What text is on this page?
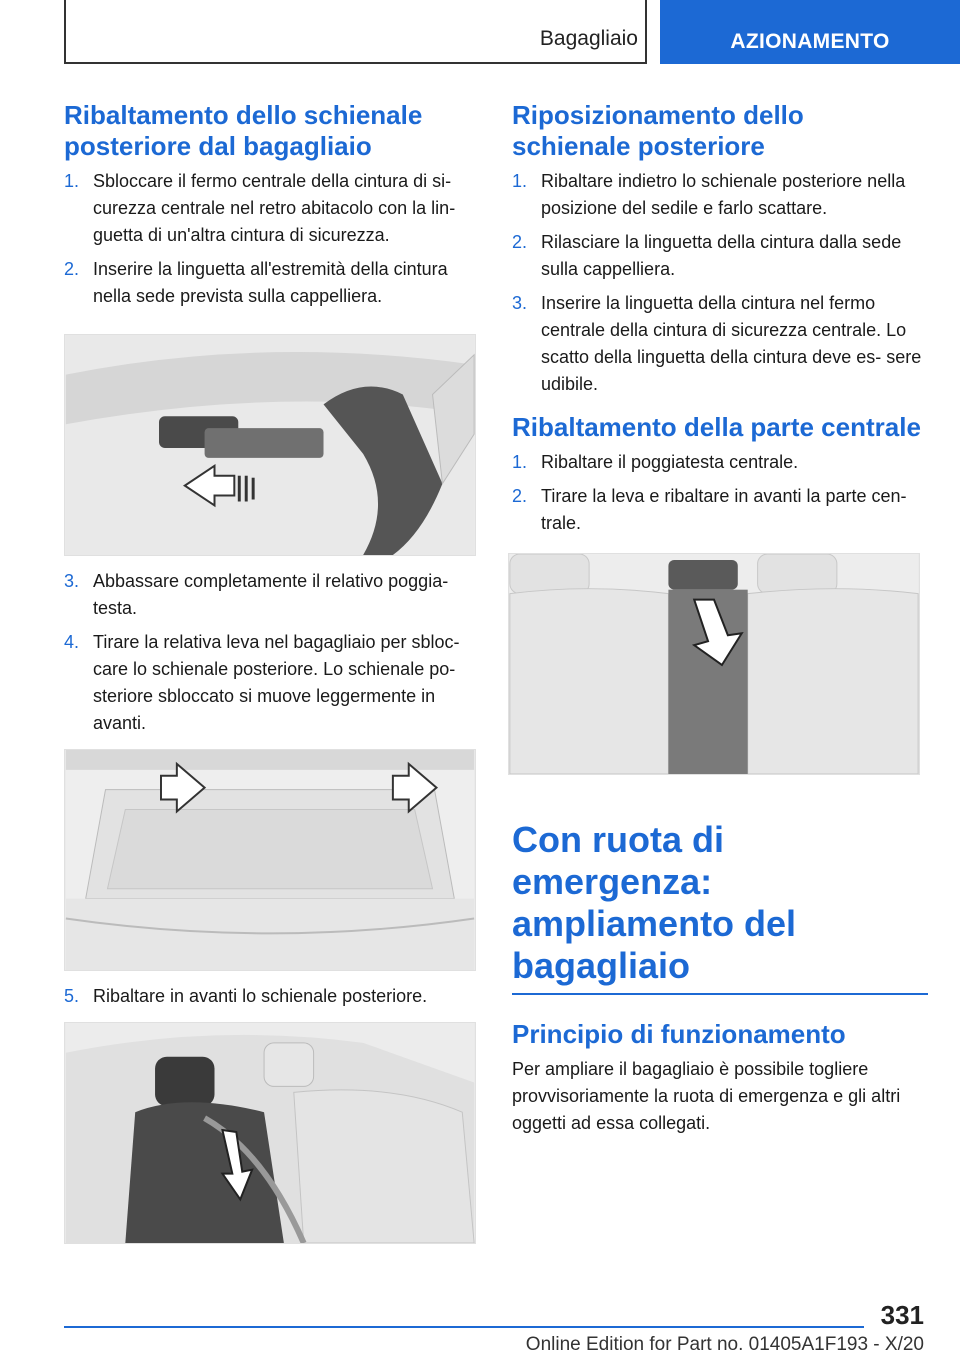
Bagagliaio	AZIONAMENTO
Ribaltamento dello schienale posteriore dal bagagliaio
1. Sbloccare il fermo centrale della cintura di si- curezza centrale nel retro abitacolo con la lin- guetta di un'altra cintura di sicurezza.
2. Inserire la linguetta all'estremità della cintura nella sede prevista sulla cappelliera.
3. Abbassare completamente il relativo poggia- testa.
4. Tirare la relativa leva nel bagagliaio per sbloc- care lo schienale posteriore. Lo schienale po- steriore sbloccato si muove leggermente in avanti.
5. Ribaltare in avanti lo schienale posteriore.
Riposizionamento dello schienale posteriore
1. Ribaltare indietro lo schienale posteriore nella posizione del sedile e farlo scattare.
2. Rilasciare la linguetta della cintura dalla sede sulla cappelliera.
3. Inserire la linguetta della cintura nel fermo centrale della cintura di sicurezza centrale. Lo scatto della linguetta della cintura deve es- sere udibile.
Ribaltamento della parte centrale
1. Ribaltare il poggiatesta centrale.
2. Tirare la leva e ribaltare in avanti la parte cen- trale.
Con ruota di emergenza: ampliamento del bagagliaio
Principio di funzionamento

Per ampliare il bagagliaio è possibile togliere provvisoriamente la ruota di emergenza e gli altri oggetti ad essa collegati.

331
Online Edition for Part no. 01405A1F193 - X/20
